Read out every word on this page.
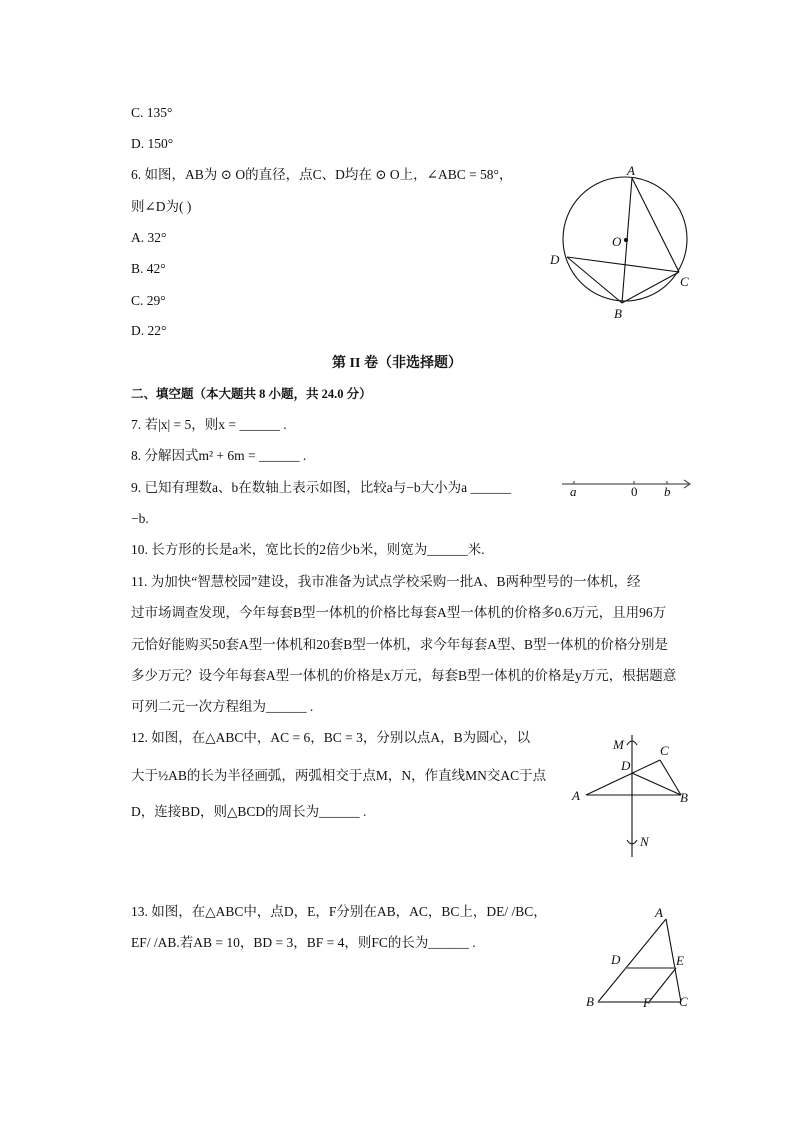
C. 135°
D. 150°
6. 如图，AB为 ⊙ O的直径，点C、D均在 ⊙ O上，∠ABC = 58°，
则∠D为( )
A. 32°
B. 42°
C. 29°
D. 22°
第 II 卷（非选择题）
二、填空题（本大题共 8 小题，共 24.0 分）
7. 若|x| = 5，则x = ______ .
8. 分解因式m² + 6m = ______ .
9. 已知有理数a、b在数轴上表示如图，比较a与−b大小为a ______
−b.
10. 长方形的长是a米，宽比长的2倍少b米，则宽为______米.
11. 为加快“智慧校园”建设，我市准备为试点学校采购一批A、B两种型号的一体机，经
过市场调查发现，今年每套B型一体机的价格比每套A型一体机的价格多0.6万元，且用96万
元恰好能购买50套A型一体机和20套B型一体机，求今年每套A型、B型一体机的价格分别是
多少万元？设今年每套A型一体机的价格是x万元，每套B型一体机的价格是y万元，根据题意
可列二元一次方程组为______ .
12. 如图，在△ABC中，AC = 6，BC = 3，分别以点A，B为圆心，以
大于½AB的长为半径画弧，两弧相交于点M，N，作直线MN交AC于点
D，连接BD，则△BCD的周长为______ .
13. 如图，在△ABC中，点D，E，F分别在AB，AC，BC上，DE/ /BC，
EF/ /AB.若AB = 10，BD = 3，BF = 4，则FC的长为______ .
A
B
C
D
O
a	0 b
M
N
A	B
C
D
A
B	C
D	E
F
